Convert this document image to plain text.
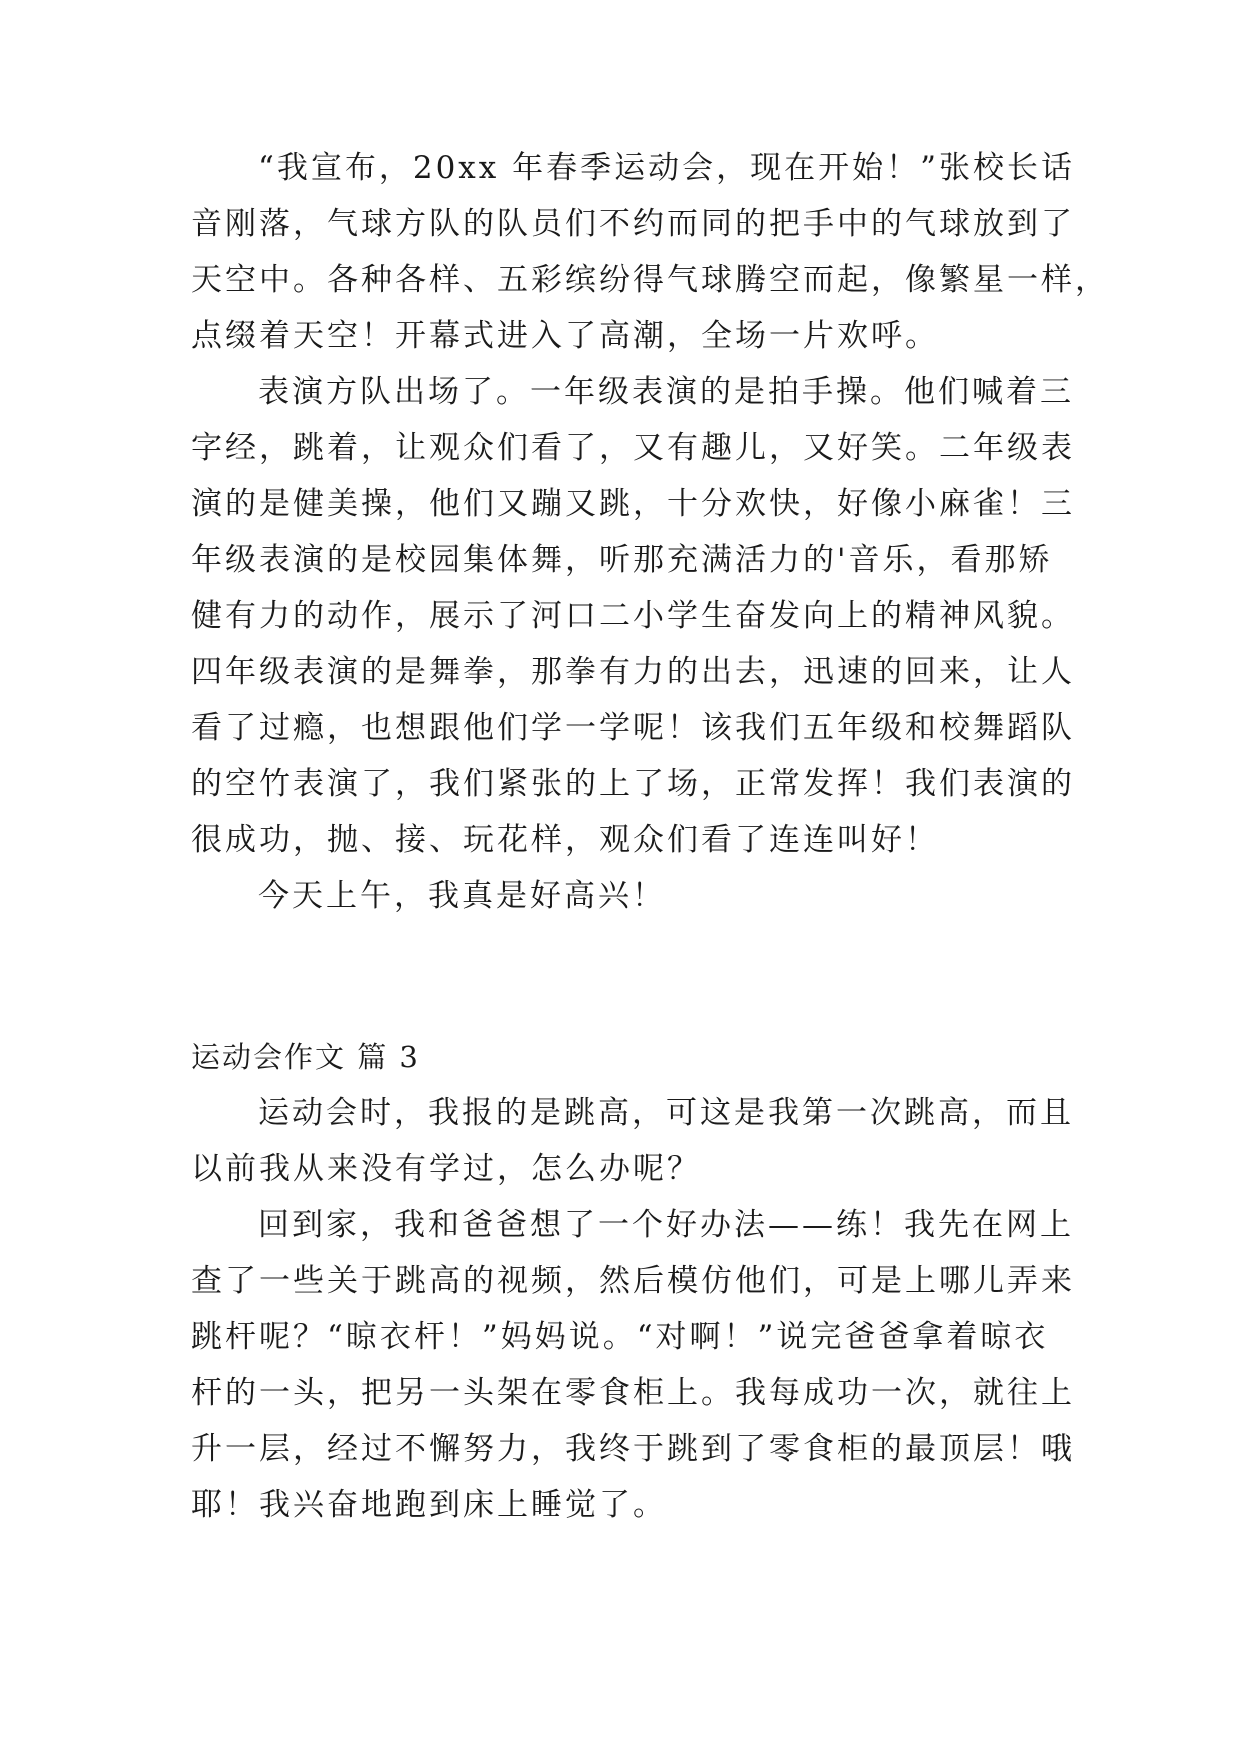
“我宣布，20xx 年春季运动会，现在开始！”张校长话
音刚落，气球方队的队员们不约而同的把手中的气球放到了
天空中。各种各样、五彩缤纷得气球腾空而起，像繁星一样，
点缀着天空！开幕式进入了高潮，全场一片欢呼。
表演方队出场了。一年级表演的是拍手操。他们喊着三
字经，跳着，让观众们看了，又有趣儿，又好笑。二年级表
演的是健美操，他们又蹦又跳，十分欢快，好像小麻雀！三
年级表演的是校园集体舞，听那充满活力的'音乐，看那矫
健有力的动作，展示了河口二小学生奋发向上的精神风貌。
四年级表演的是舞拳，那拳有力的出去，迅速的回来，让人
看了过瘾，也想跟他们学一学呢！该我们五年级和校舞蹈队
的空竹表演了，我们紧张的上了场，正常发挥！我们表演的
很成功，抛、接、玩花样，观众们看了连连叫好！
今天上午，我真是好高兴！
运动会作文 篇 3
运动会时，我报的是跳高，可这是我第一次跳高，而且
以前我从来没有学过，怎么办呢？
回到家，我和爸爸想了一个好办法——练！我先在网上
查了一些关于跳高的视频，然后模仿他们，可是上哪儿弄来
跳杆呢？“晾衣杆！”妈妈说。“对啊！”说完爸爸拿着晾衣
杆的一头，把另一头架在零食柜上。我每成功一次，就往上
升一层，经过不懈努力，我终于跳到了零食柜的最顶层！哦
耶！我兴奋地跑到床上睡觉了。
